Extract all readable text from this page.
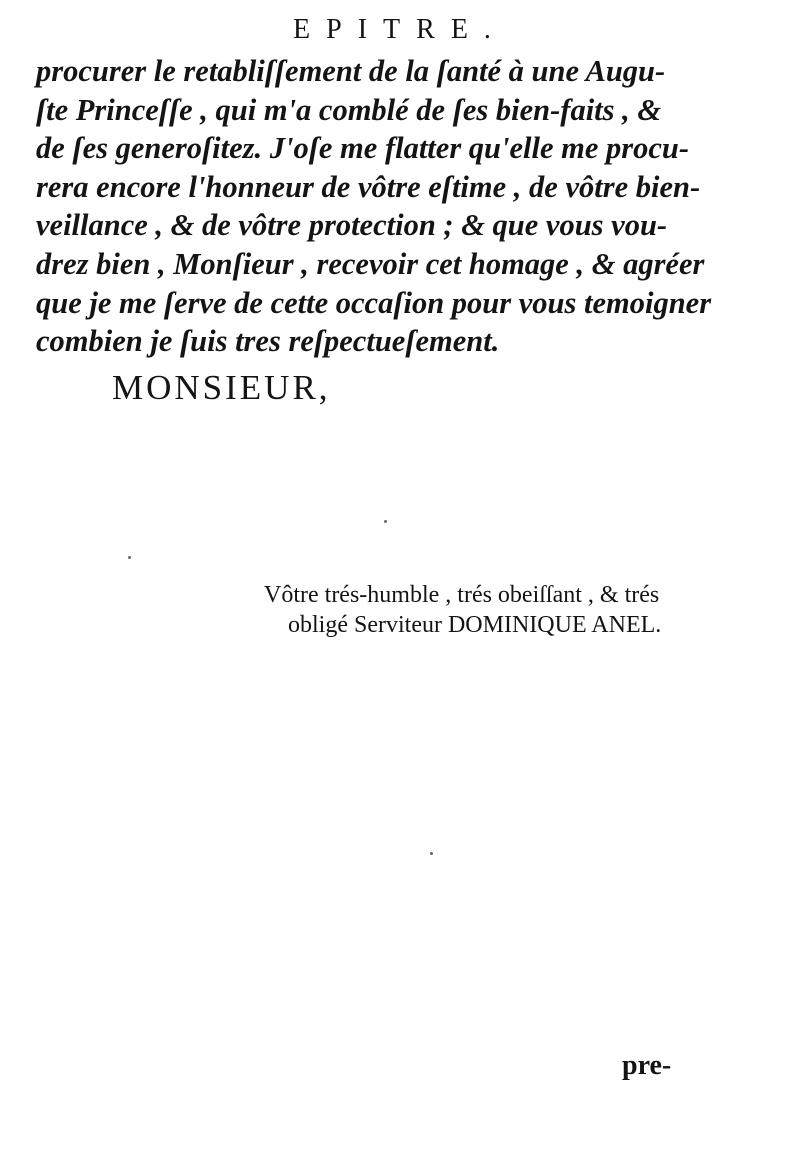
EPITRE.
procurer le retabliſſement de la ſanté à une Augu-
ſte Princeſſe , qui m'a comblé de ſes bien-faits , &
de ſes generoſitez. J'oſe me flatter qu'elle me procu-
rera encore l'honneur de vôtre eſtime , de vôtre bien-
veillance , & de vôtre protection ; & que vous vou-
drez bien , Monſieur , recevoir cet homage , & agréer
que je me ſerve de cette occaſion pour vous temoigner
combien je ſuis tres reſpectueſement.
MONSIEUR,
Vôtre trés-humble , trés obeiſſant , & trés
obligé Serviteur DOMINIQUE ANEL.
pre-
